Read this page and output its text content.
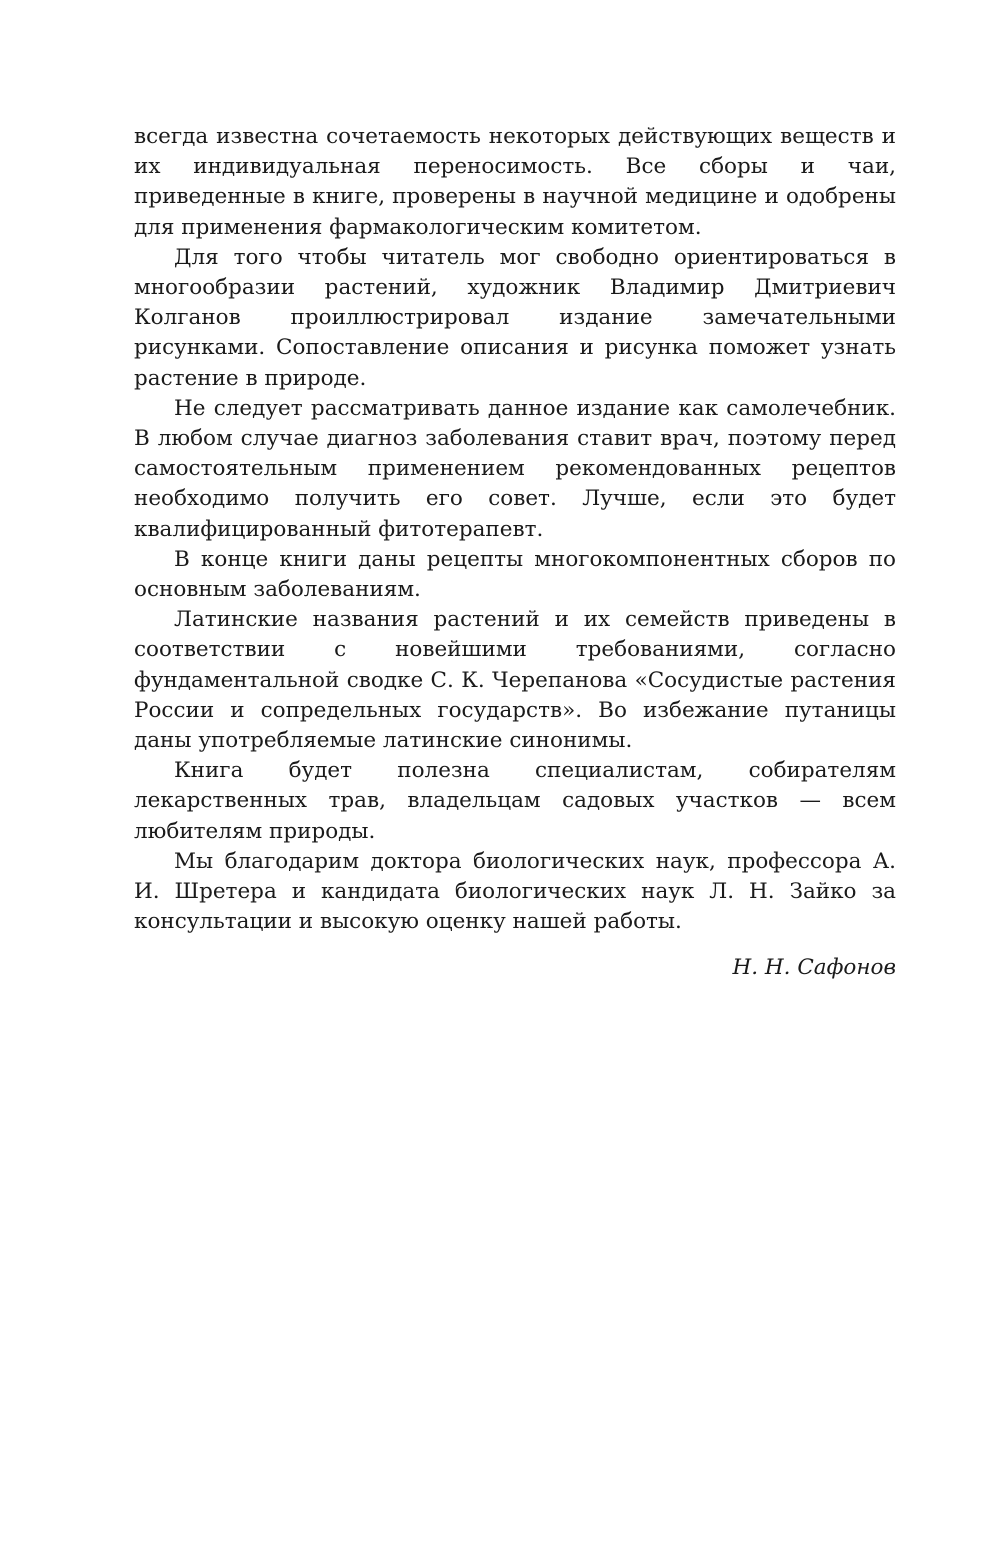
всегда известна сочетаемость некоторых действующих веществ и их индивидуальная переносимость. Все сборы и чаи, приведенные в книге, проверены в научной медицине и одобрены для применения фармакологическим комитетом.

Для того чтобы читатель мог свободно ориентироваться в многообразии растений, художник Владимир Дмитриевич Колганов проиллюстрировал издание замечательными рисунками. Сопоставление описания и рисунка поможет узнать растение в природе.

Не следует рассматривать данное издание как самолечебник. В любом случае диагноз заболевания ставит врач, поэтому перед самостоятельным применением рекомендованных рецептов необходимо получить его совет. Лучше, если это будет квалифицированный фитотерапевт.

В конце книги даны рецепты многокомпонентных сборов по основным заболеваниям.

Латинские названия растений и их семейств приведены в соответствии с новейшими требованиями, согласно фундаментальной сводке С. К. Черепанова «Сосудистые растения России и сопредельных государств». Во избежание путаницы даны употребляемые латинские синонимы.

Книга будет полезна специалистам, собирателям лекарственных трав, владельцам садовых участков — всем любителям природы.

Мы благодарим доктора биологических наук, профессора А. И. Шретера и кандидата биологических наук Л. Н. Зайко за консультации и высокую оценку нашей работы.

Н. Н. Сафонов
